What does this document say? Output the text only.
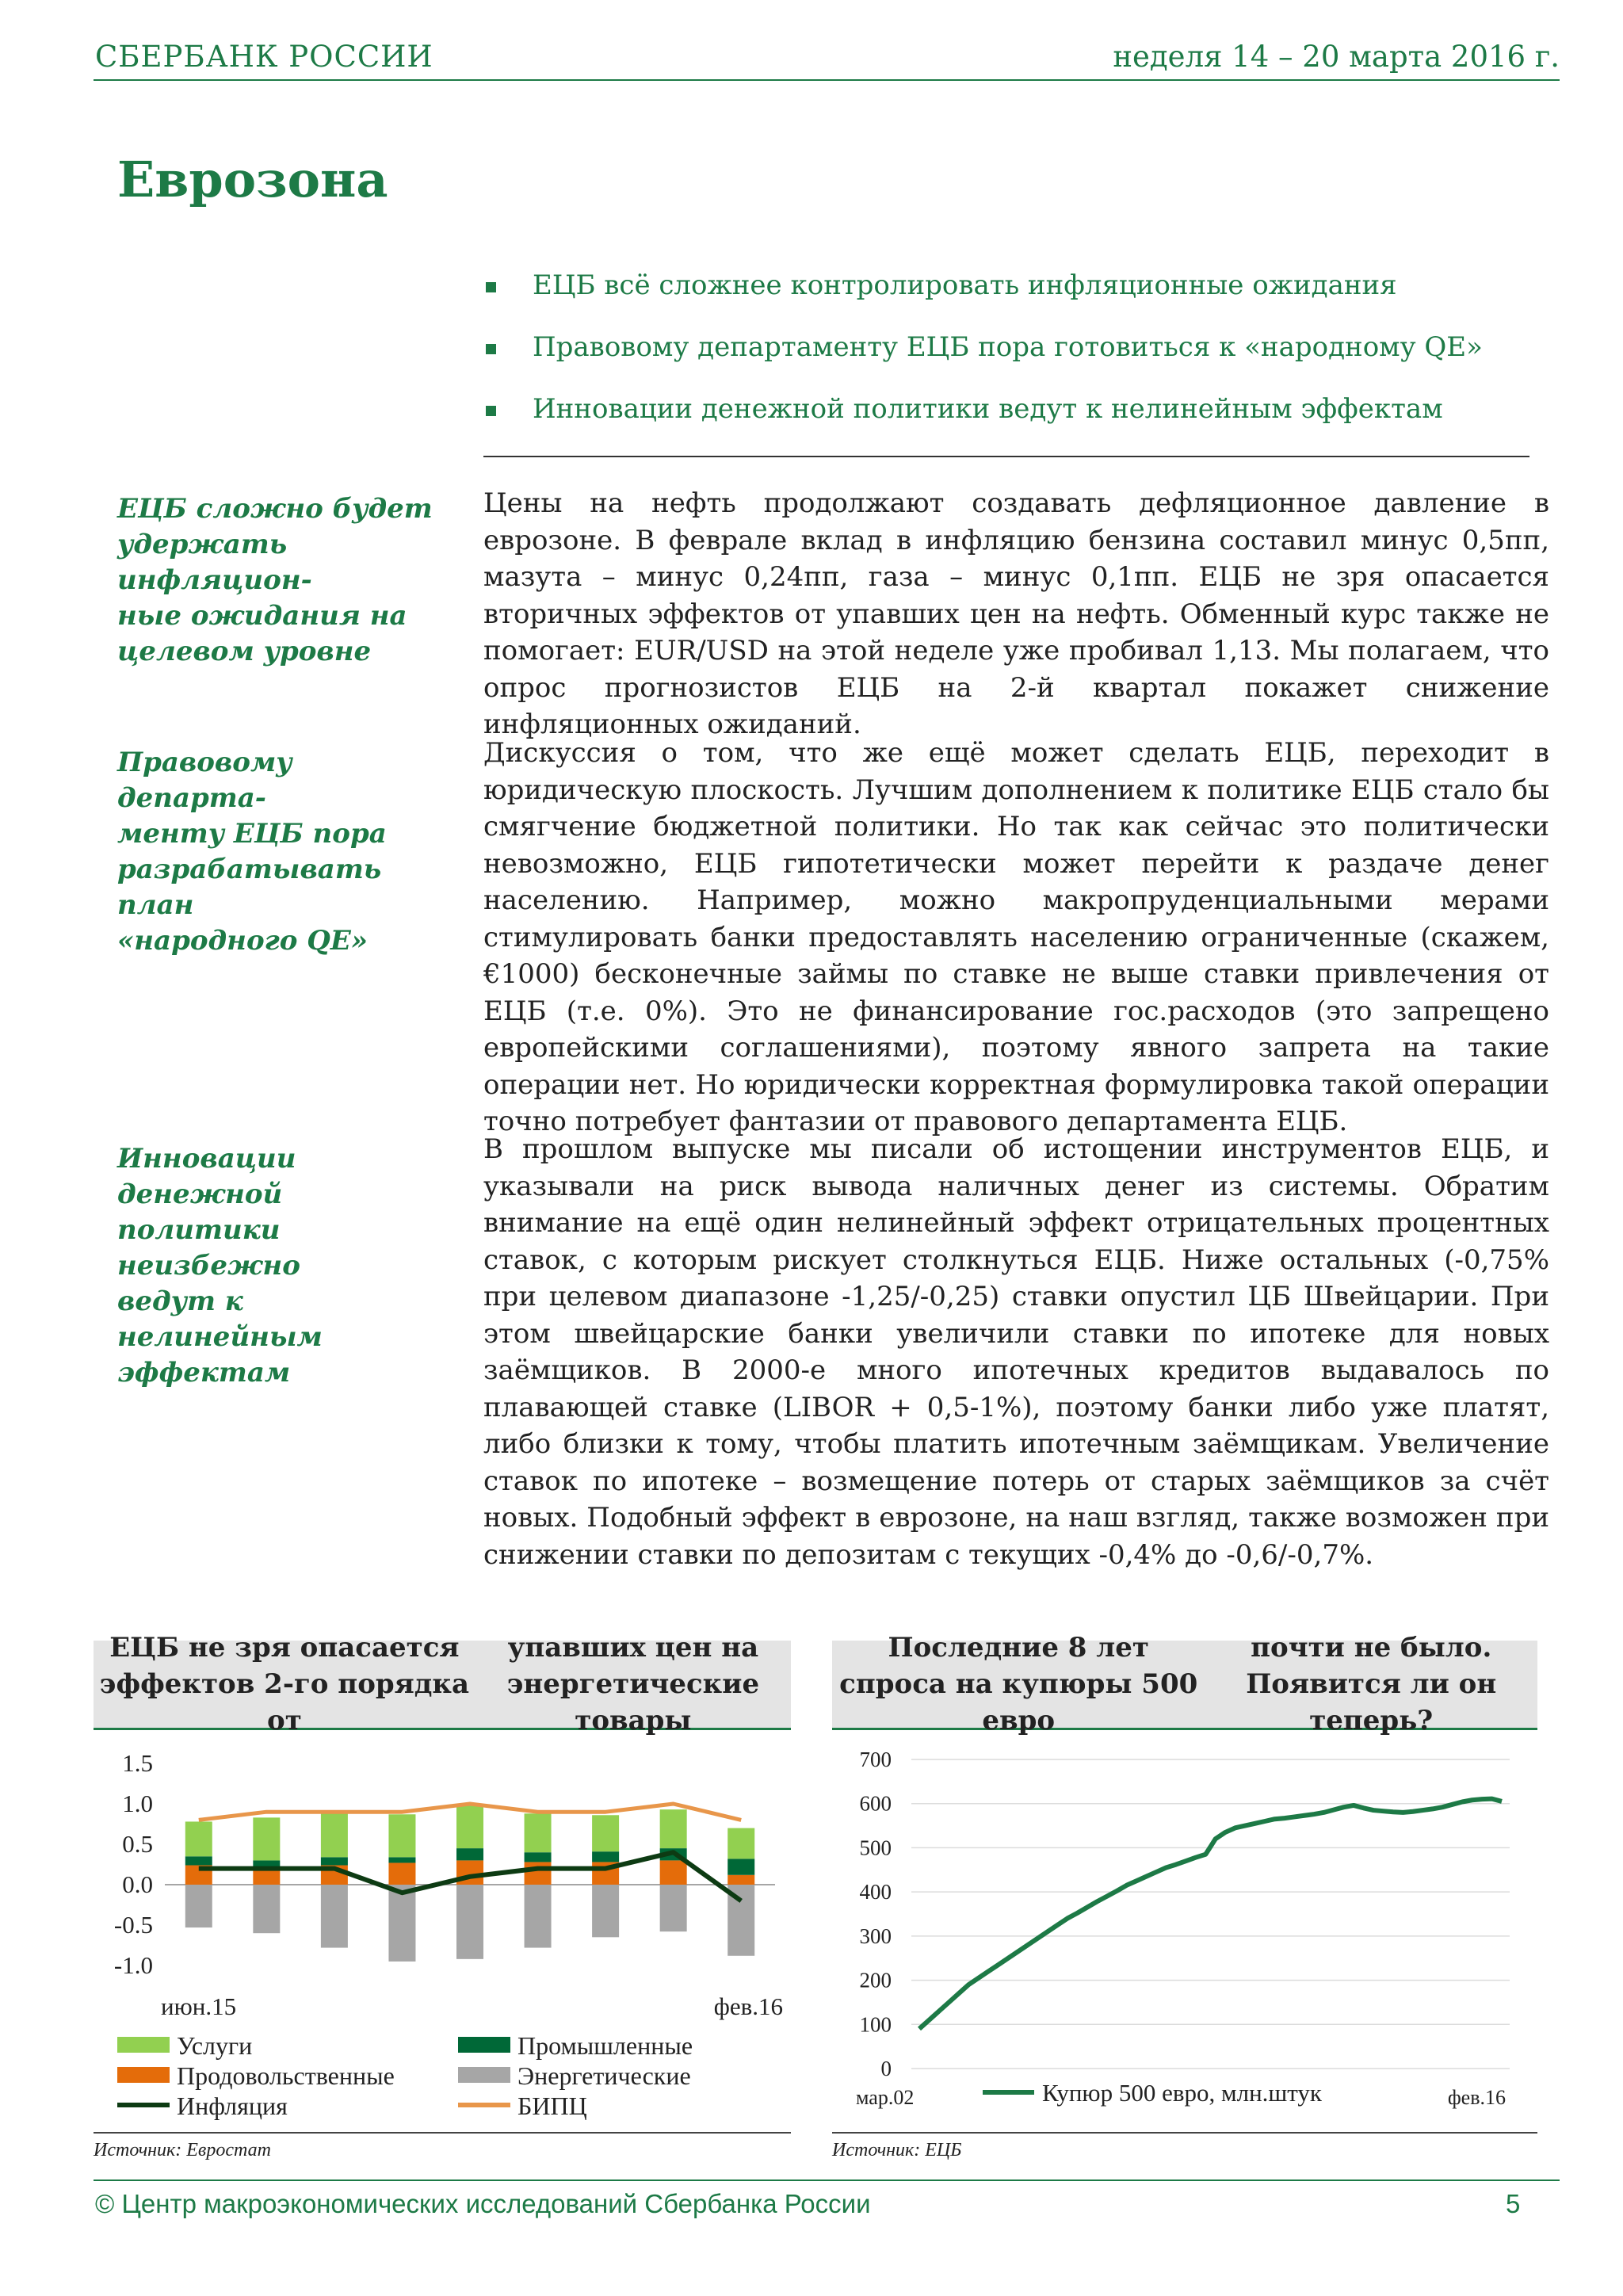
СБЕРБАНК РОССИИ	неделя 14 – 20 марта 2016 г.
Еврозона
ЕЦБ всё сложнее контролировать инфляционные ожидания
Правовому департаменту ЕЦБ пора готовиться к «народному QE»
Инновации денежной политики ведут к нелинейным эффектам
ЕЦБ сложно будет
удержать инфляцион-
ные ожидания на
целевом уровне
Цены на нефть продолжают создавать дефляционное давление в еврозоне. В феврале вклад в инфляцию бензина составил минус 0,5пп, мазута – минус 0,24пп, газа – минус 0,1пп. ЕЦБ не зря опасается вторичных эффектов от упавших цен на нефть. Обменный курс также не помогает: EUR/USD на этой неделе уже пробивал 1,13. Мы полагаем, что опрос прогнозистов ЕЦБ на 2-й квартал покажет снижение инфляционных ожиданий.
Правовому департа-
менту ЕЦБ пора
разрабатывать план
«народного QE»
Дискуссия о том, что же ещё может сделать ЕЦБ, переходит в юридическую плоскость. Лучшим дополнением к политике ЕЦБ стало бы смягчение бюджетной политики. Но так как сейчас это политически невозможно, ЕЦБ гипотетически может перейти к раздаче денег населению. Например, можно макропруденциальными мерами стимулировать банки предоставлять населению ограниченные (скажем, €1000) бесконечные займы по ставке не выше ставки привлечения от ЕЦБ (т.е. 0%). Это не финансирование гос.расходов (это запрещено европейскими соглашениями), поэтому явного запрета на такие операции нет. Но юридически корректная формулировка такой операции точно потребует фантазии от правового департамента ЕЦБ.
Инновации денежной
политики неизбежно
ведут к нелинейным
эффектам
В прошлом выпуске мы писали об истощении инструментов ЕЦБ, и указывали на риск вывода наличных денег из системы. Обратим внимание на ещё один нелинейный эффект отрицательных процентных ставок, с которым рискует столкнуться ЕЦБ. Ниже остальных (-0,75% при целевом диапазоне -1,25/-0,25) ставки опустил ЦБ Швейцарии. При этом швейцарские банки увеличили ставки по ипотеке для новых заёмщиков. В 2000-е много ипотечных кредитов выдавалось по плавающей ставке (LIBOR + 0,5-1%), поэтому банки либо уже платят, либо близки к тому, чтобы платить ипотечным заёмщикам. Увеличение ставок по ипотеке – возмещение потерь от старых заёмщиков за счёт новых. Подобный эффект в еврозоне, на наш взгляд, также возможен при снижении ставки по депозитам с текущих -0,4% до -0,6/-0,7%.
ЕЦБ не зря опасается эффектов 2-го порядка от
упавших цен на энергетические товары
1.5
1.0
0.5
0.0
-0.5
-1.0
июн.15	фев.16
Услуги	Промышленные
Продовольственные	Энергетические
Инфляция	БИПЦ
Источник: Евростат
Последние 8 лет спроса на купюры 500 евро
почти не было. Появится ли он теперь?
700
600
500
400
300
200
100
0
мар.02	фев.16
Купюр 500 евро, млн.штук
Источник: ЕЦБ
© Центр макроэкономических исследований Сбербанка России	5
